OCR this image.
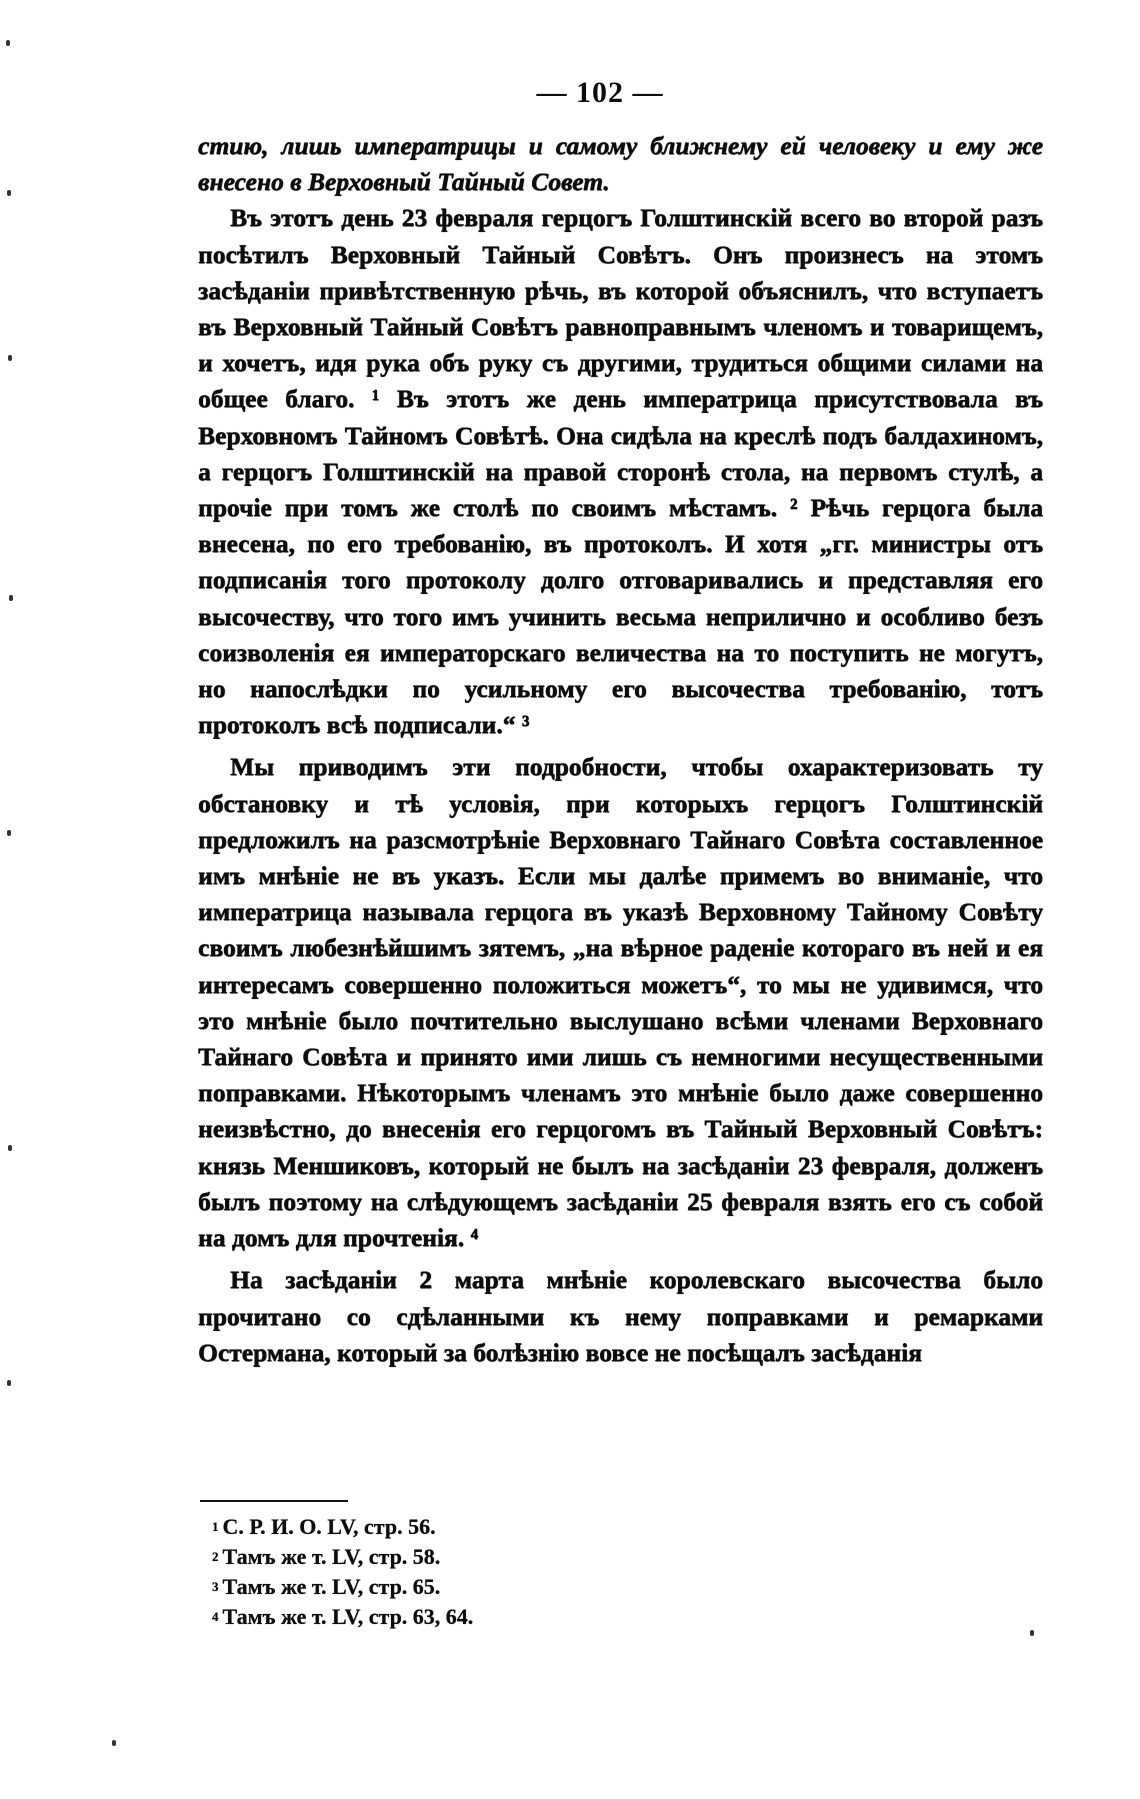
— 102 —

стию, лишь императрицы и самому ближнему ей человеку и ему же внесено в Верховный Тайный Совет.

Въ этотъ день 23 февраля герцогъ Голштинскій всего во второй разъ посѣтилъ Верховный Тайный Совѣтъ. Онъ произнесъ на этомъ засѣданіи привѣтственную рѣчь, въ которой объяснилъ, что вступаетъ въ Верховный Тайный Совѣтъ равноправнымъ членомъ и товарищемъ, и хочетъ, идя рука объ руку съ другими, трудиться общими силами на общее благо. ¹ Въ этотъ же день императрица присутствовала въ Верховномъ Тайномъ Совѣтѣ. Она сидѣла на креслѣ подъ балдахиномъ, а герцогъ Голштинскій на правой сторонѣ стола, на первомъ стулѣ, а прочіе при томъ же столѣ по своимъ мѣстамъ. ² Рѣчь герцога была внесена, по его требованію, въ протоколъ. И хотя „гг. министры отъ подписанія того протоколу долго отговаривались и представляя его высочеству, что того имъ учинить весьма неприлично и особливо безъ соизволенія ея императорскаго величества на то поступить не могутъ, но напослѣдки по усильному его высочества требованію, тотъ протоколъ всѣ подписали.“ ³

Мы приводимъ эти подробности, чтобы охарактеризовать ту обстановку и тѣ условія, при которыхъ герцогъ Голштинскій предложилъ на разсмотрѣніе Верховнаго Тайнаго Совѣта составленное имъ мнѣніе не въ указъ. Если мы далѣе примемъ во вниманіе, что императрица называла герцога въ указѣ Верховному Тайному Совѣту своимъ любезнѣйшимъ зятемъ, „на вѣрное раденіе котораго въ ней и ея интересамъ совершенно положиться можетъ“, то мы не удивимся, что это мнѣніе было почтительно выслушано всѣми членами Верховнаго Тайнаго Совѣта и принято ими лишь съ немногими несущественными поправками. Нѣкоторымъ членамъ это мнѣніе было даже совершенно неизвѣстно, до внесенія его герцогомъ въ Тайный Верховный Совѣтъ: князь Меншиковъ, который не былъ на засѣданіи 23 февраля, долженъ былъ поэтому на слѣдующемъ засѣданіи 25 февраля взять его съ собой на домъ для прочтенія. ⁴

На засѣданіи 2 марта мнѣніе королевскаго высочества было прочитано со сдѣланными къ нему поправками и ремарками Остермана, который за болѣзнію вовсе не посѣщалъ засѣданія

$^1$ С. Р. И. О. LV, стр. 56.
$^2$ Тамъ же т. LV, стр. 58.
$^3$ Тамъ же т. LV, стр. 65.
$^4$ Тамъ же т. LV, стр. 63, 64.
